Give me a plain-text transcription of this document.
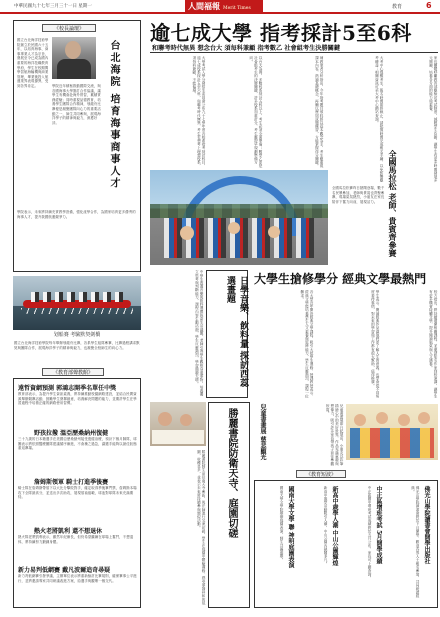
中華民國九十七年三月三十一日 星期一	人間福報 Merit Times	教育	6
《校長論壇》
國立台北海洋技術學院創立於民國六十五年，以培育海事、商事專業人才為宗旨，發展至今已成為國內重要的海洋技職教育學府，學生在校期間學習航海輪機與商業管理，畢業後投入航運業界表現優異，受到各界肯定。	台北海院 培育海事商事人才
學院近年積極推動國際交流，與各國海事大學簽訂合作協議，讓學生有機會赴海外實習，累積實務經驗；同時重視品德教育，培養學生團隊合作精神，划龍舟比賽便是凝聚團隊向心力的重要活動之一，師生共同參與，展現海洋學子的精神與毅力，深獲好評。
學院表示，未來將持續充實教學設備，強化產學合作，為國家培育更多優秀的海事人才，提升我國航運競爭力。
划船賽 考驗默契劍橋
國立台北海洋技術學院每年舉辦划龍舟比賽，各系學生組隊參賽，比賽過程講求默契與團隊合作，展現海洋學子的精神與毅力，也凝聚全校師生的向心力。
《教育部聲教館》
遠哲資網預測 郭鴻志開季名單任中獎
教育部表示，為提升學生資訊素養，將持續推動校園網路建設，並結合民間資源舉辦競賽活動，鼓勵學生發揮創意，培養解決問題的能力，並期許學生在學習過程中培養正確的網路使用習慣。
野孩拉撥 溫亞歷桑納州復健
三十九歲的日本籍選手在美國亞歷桑納州接受復健治療，預計下個月歸隊，球團表示將依照醫療團隊建議循序漸進，不會操之過急，讓選手能夠以最佳狀態重返賽場。
詹姆斯領軍 騎士打進季後賽
騎士隊在詹姆斯帶領下以大比分擊敗對手，確定取得季後賽門票，詹姆斯本場攻下全隊最高分，並送出多次助攻，展現領袖風範，球迷對球隊未來充滿期待。
熱火老將凱利 還不想退休
熱火隊老將凱利表示，雖然年紀漸長，但仍希望繼續在球場上奮鬥，不想退休，將持續努力鍛鍊身體。
新力易判低網賽 戴凡波爾追奇尋疑
新力判低網賽引發爭議，主辦單位表示將重新檢討比賽規則，確保賽事公平進行，並將邀請專家共同研議改進方案，給選手與觀眾一個交代。
逾七成大學 指考採計5至6科
和聯考時代無異 想念台大 須每科兼顧 指考數乙 社會組考生決勝關鍵
大學考試入學分發招生委員會公布九十七學年度各校系指考採計科目，逾七成校系採計五至六科，與聯考時代無異，考生若想考上理想校系，須每科兼顧，不能偏廢。	以台大為例，多數科系採計五科以上，考生必須全面準備；數學乙更是社會組考生的決勝關鍵，許多校系加重計分，考生應提早規劃準備方向。	補教業者分析指出，今年指考題目預料將以基本觀念為主，考生應重視課本內容，熟讀基礎概念，再輔以歷屆試題練習，方能掌握得分關鍵。	大考中心提醒考生，報名時間即將截止，請把握時間完成報名手續，以免影響應考權益；相關資訊可至大考中心網站查詢。	家長團體呼籲教育部應檢討考試制度，減輕學生負擔，讓學生有更多時間發展多元興趣，培養各方面的能力與素養。
全國馬拉松 老師、貴賓齊參賽
全國馬拉松賽昨日熱鬧登場，數千名民眾參加，老師與貴賓也齊聚參賽，現場氣氛熱烈，小朋友在家長陪伴下奮力向前，展現活力。
日學音樂、飲料量 探訪西蕊選畫題
中學生透過音樂與飲料選擇探索生活議題，老師引導學生觀察身邊事物，培養獨立思考與判斷能力，課程內容生動活潑，學生反應熱烈，學習興趣大增。	大學生搶修學分 經典文學最熱門
各大學近年開設經典文學課程，吸引大批學生選修，授課教授表示，經典文學能培養學生人文素養與思辨能力，學生反應熱烈，課程一位難求。	學生表示，閱讀經典作品讓他們更了解人生的意義，也學會從不同角度看待事情，對未來的學習與工作都有很大幫助，值得推廣。	校方指出，將持續增開相關課程，並邀請知名作家到校演講，讓學生有更多機會接觸文學，提升閱讀風氣與人文涵養。
勝麗書院師生前往南天寺參訪，與法師進行交流切磋，學生在庭園中體驗禪修，感受寧靜祥和的氛圍，收穫良多，並表示未來將持續參與類似活動。	勝麗書院防衛天寺、庭園切磋	兒童書畫展 慈悲顯光	兒童書畫展即日起展出，小朋友以彩筆描繪心中的美好世界，作品充滿童趣與想像力，吸引許多家長帶孩子前往參觀欣賞。
《教育短波》
佛光山學院讀書會開學出版社
佛光山學院讀書會將於下月開學，歡迎各界人士報名參加，共同研讀經典。
中正區增班考試 5月開學成績
中正區國中增班考試成績將於五月公布，家長可上網查詢。
新高中歲學人潮 中山公園輝煌
新高中歲學活動吸引人潮，中山公園內熱鬧非凡。
國南大學文學 聯 神明庭園表演
國南大學文學院舉辦庭園表演，師生共襄盛舉。
